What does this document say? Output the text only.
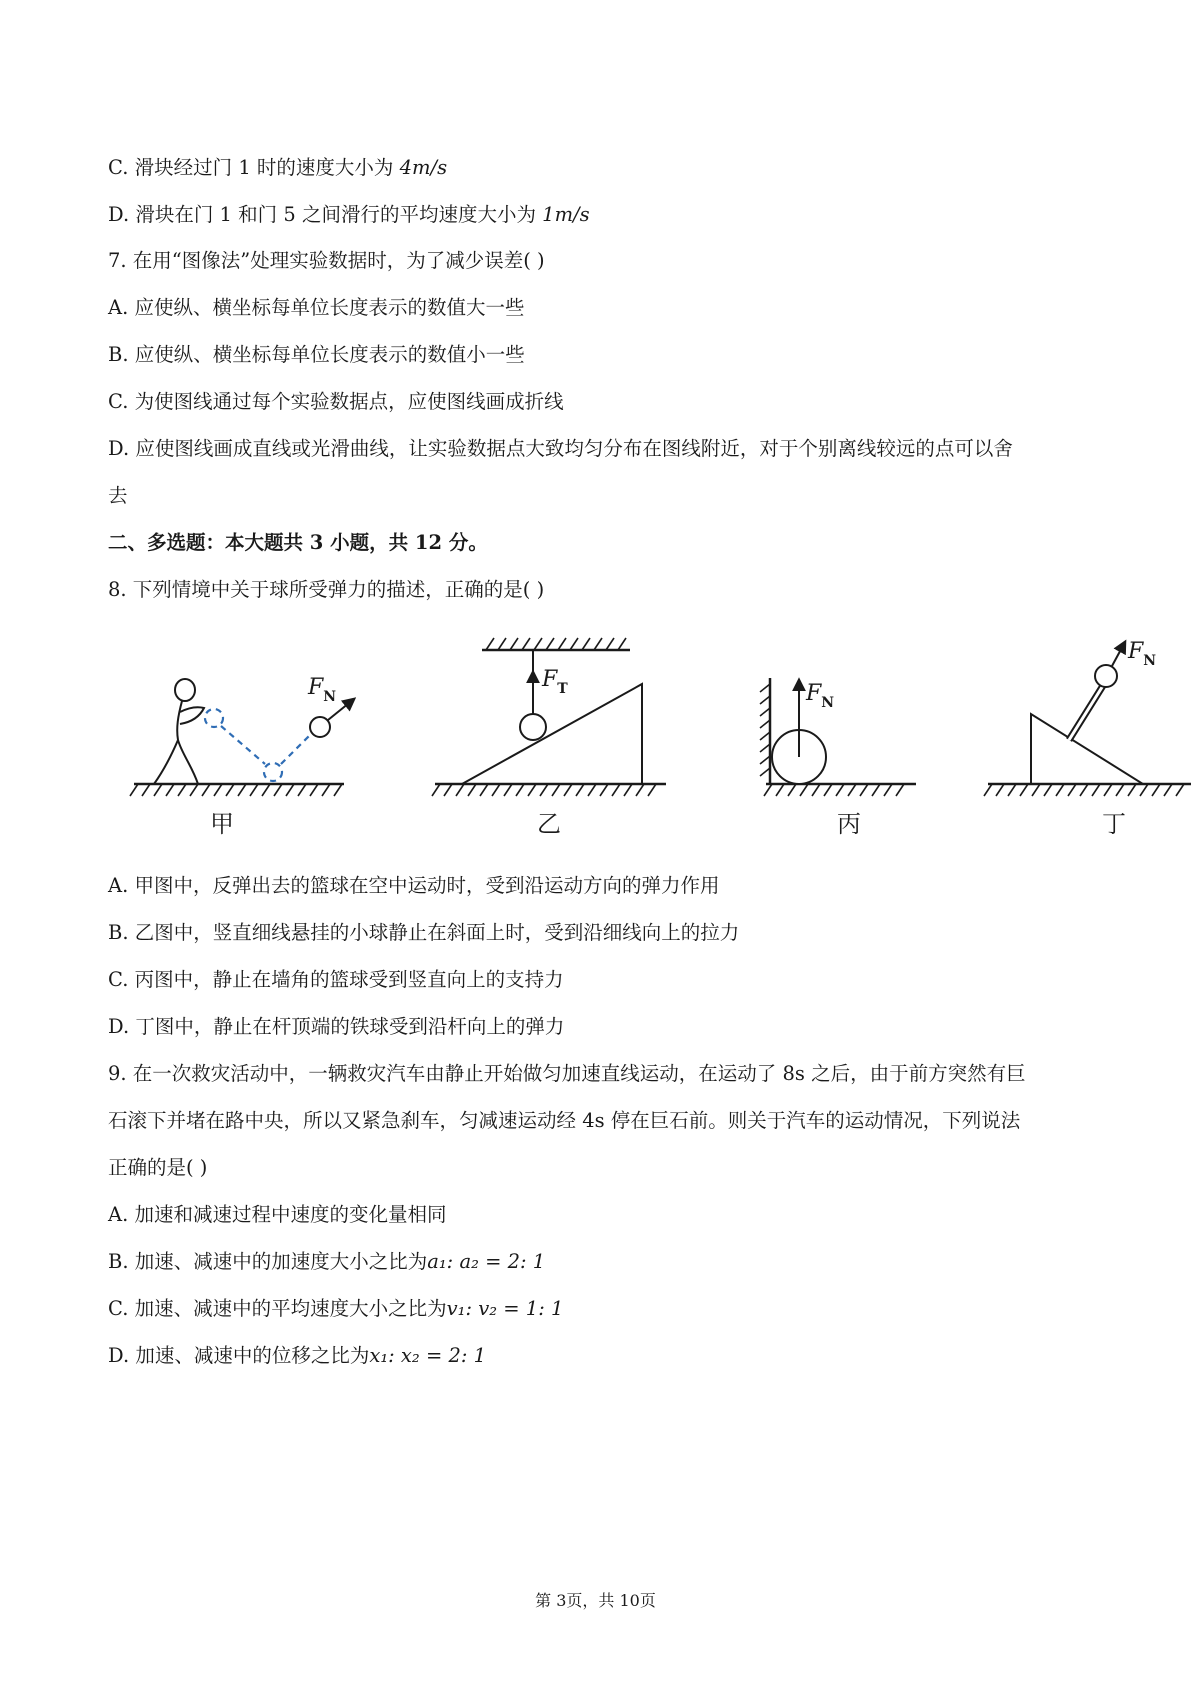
C. 滑块经过门 1 时的速度大小为 4m/s
D. 滑块在门 1 和门 5 之间滑行的平均速度大小为 1m/s
7. 在用“图像法”处理实验数据时，为了减少误差( )
A. 应使纵、横坐标每单位长度表示的数值大一些
B. 应使纵、横坐标每单位长度表示的数值小一些
C. 为使图线通过每个实验数据点，应使图线画成折线
D. 应使图线画成直线或光滑曲线，让实验数据点大致均匀分布在图线附近，对于个别离线较远的点可以舍
去
二、多选题：本大题共 3 小题，共 12 分。
8. 下列情境中关于球所受弹力的描述，正确的是( )
$F_N$
甲
$F_T$
乙
$F_N$
丙
$F_N$
丁
A. 甲图中，反弹出去的篮球在空中运动时，受到沿运动方向的弹力作用
B. 乙图中，竖直细线悬挂的小球静止在斜面上时，受到沿细线向上的拉力
C. 丙图中，静止在墙角的篮球受到竖直向上的支持力
D. 丁图中，静止在杆顶端的铁球受到沿杆向上的弹力
9. 在一次救灾活动中，一辆救灾汽车由静止开始做匀加速直线运动，在运动了 8s 之后，由于前方突然有巨
石滚下并堵在路中央，所以又紧急刹车，匀减速运动经 4s 停在巨石前。则关于汽车的运动情况，下列说法
正确的是( )
A. 加速和减速过程中速度的变化量相同
B. 加速、减速中的加速度大小之比为a₁: a₂ = 2: 1
C. 加速、减速中的平均速度大小之比为v₁: v₂ = 1: 1
D. 加速、减速中的位移之比为x₁: x₂ = 2: 1
第 3页，共 10页
